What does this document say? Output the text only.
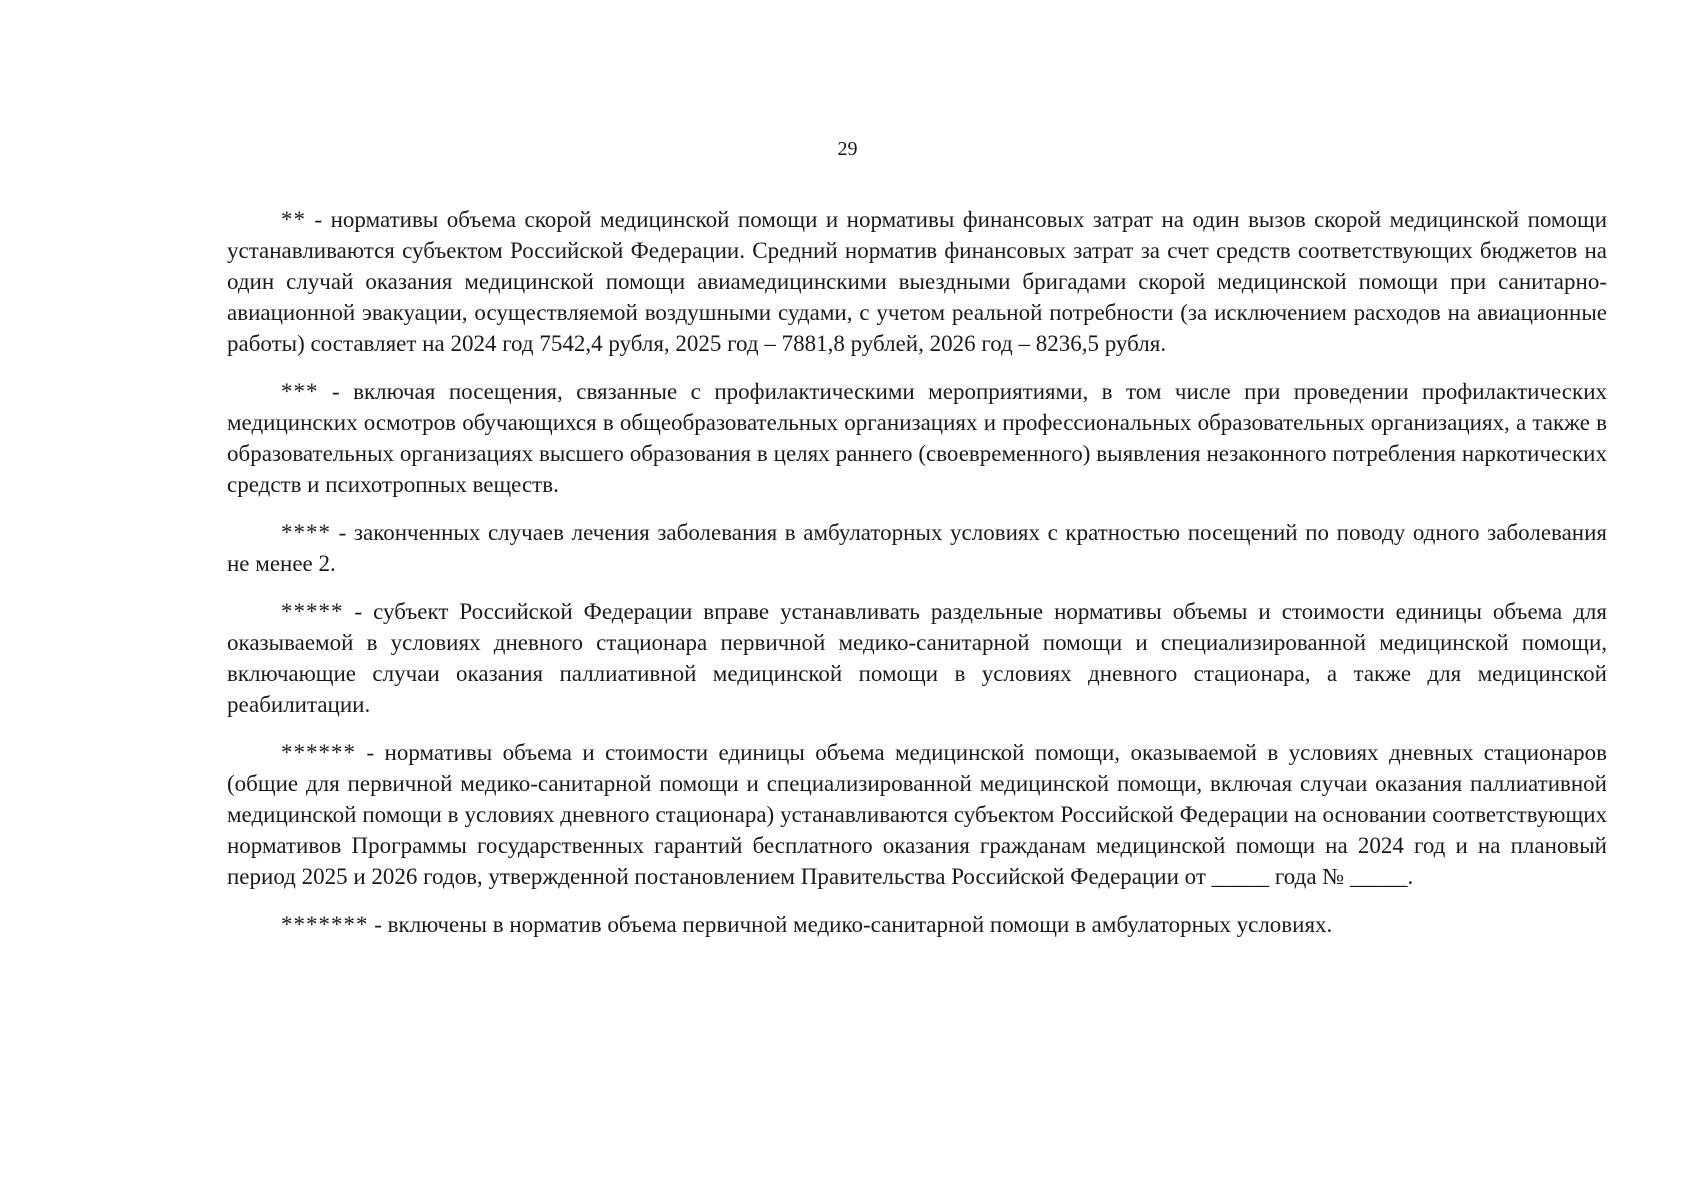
29

** - нормативы объема скорой медицинской помощи и нормативы финансовых затрат на один вызов скорой медицинской помощи устанавливаются субъектом Российской Федерации. Средний норматив финансовых затрат за счет средств соответствующих бюджетов на один случай оказания медицинской помощи авиамедицинскими выездными бригадами скорой медицинской помощи при санитарно-авиационной эвакуации, осуществляемой воздушными судами, с учетом реальной потребности (за исключением расходов на авиационные работы) составляет на 2024 год 7542,4 рубля, 2025 год – 7881,8 рублей, 2026 год – 8236,5 рубля.

*** - включая посещения, связанные с профилактическими мероприятиями, в том числе при проведении профилактических медицинских осмотров обучающихся в общеобразовательных организациях и профессиональных образовательных организациях, а также в образовательных организациях высшего образования в целях раннего (своевременного) выявления незаконного потребления наркотических средств и психотропных веществ.

**** - законченных случаев лечения заболевания в амбулаторных условиях с кратностью посещений по поводу одного заболевания не менее 2.

***** - субъект Российской Федерации вправе устанавливать раздельные нормативы объемы и стоимости единицы объема для оказываемой в условиях дневного стационара первичной медико-санитарной помощи и специализированной медицинской помощи, включающие случаи оказания паллиативной медицинской помощи в условиях дневного стационара, а также для медицинской реабилитации.

****** - нормативы объема и стоимости единицы объема медицинской помощи, оказываемой в условиях дневных стационаров (общие для первичной медико-санитарной помощи и специализированной медицинской помощи, включая случаи оказания паллиативной медицинской помощи в условиях дневного стационара) устанавливаются субъектом Российской Федерации на основании соответствующих нормативов Программы государственных гарантий бесплатного оказания гражданам медицинской помощи на 2024 год и на плановый период 2025 и 2026 годов, утвержденной постановлением Правительства Российской Федерации от _____ года № _____.

******* - включены в норматив объема первичной медико-санитарной помощи в амбулаторных условиях.
